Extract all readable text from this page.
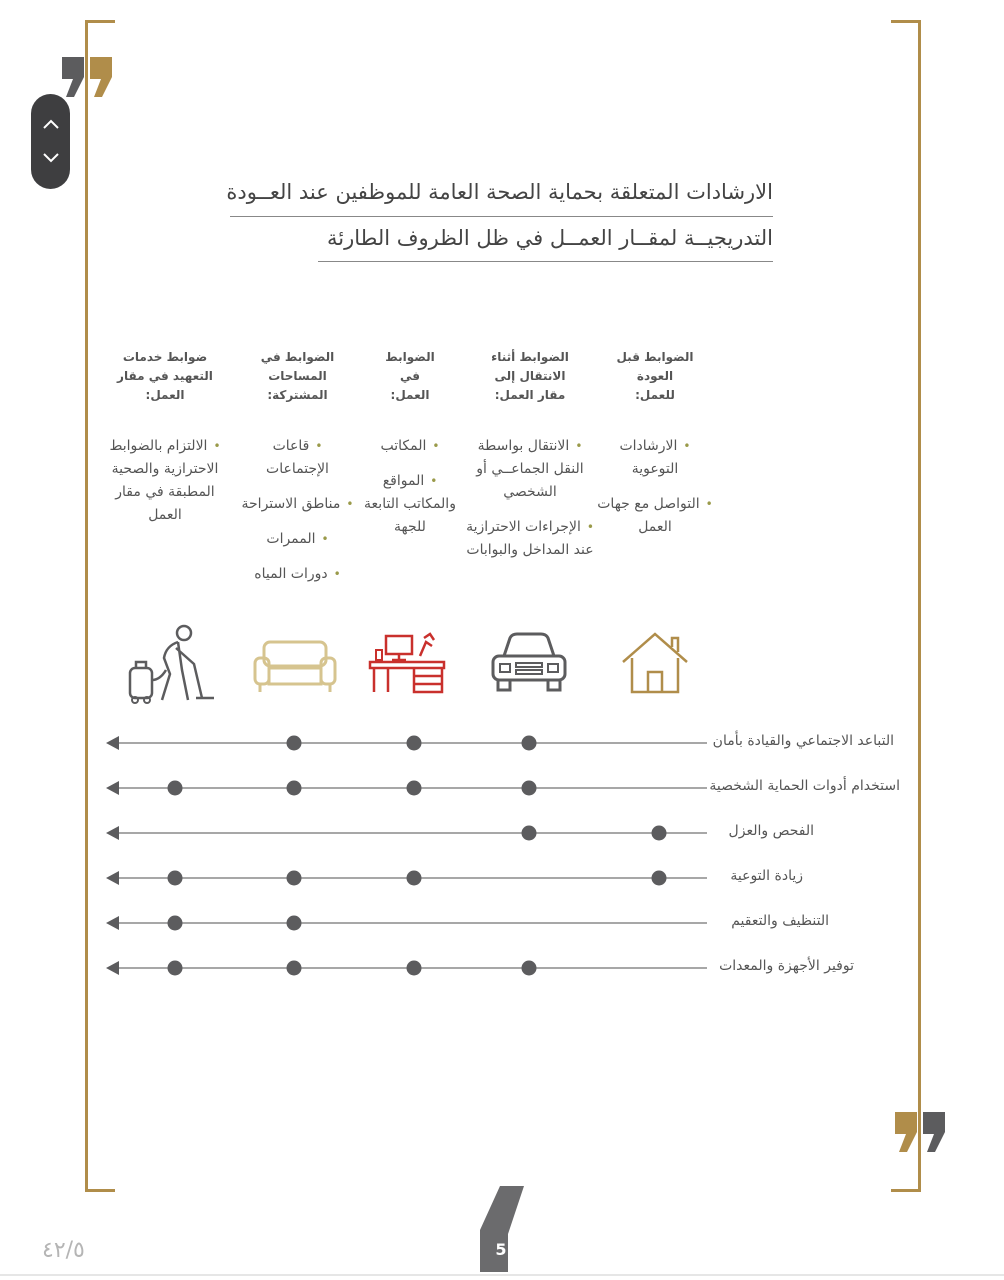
الارشادات المتعلقة بحماية الصحة العامة للموظفين عند العــودة
التدريجيــة لمقــار العمــل في ظل الظروف الطارئة
الضوابط قبل العودة للعمل:
•الارشادات التوعوية
•التواصل مع جهات العمل
الضوابط أثناء الانتقال إلى مقار العمل:
•الانتقال بواسطة النقل الجماعــي أو الشخصي
•الإجراءات الاحترازية عند المداخل والبوابات
الضوابط في العمل:
•المكاتب
•المواقع والمكاتب التابعة للجهة
الضوابط في المساحات المشتركة:
•قاعات الإجتماعات
•مناطق الاستراحة
•الممرات
•دورات المياه
ضوابط خدمات التعهيد في مقار العمل:
•الالتزام بالضوابط الاحترازية والصحية المطبقة في مقار العمل
التباعد الاجتماعي والقيادة بأمان
استخدام أدوات الحماية الشخصية
الفحص والعزل
زيادة التوعية
التنظيف والتعقيم
توفير الأجهزة والمعدات
5
٤٢/٥
